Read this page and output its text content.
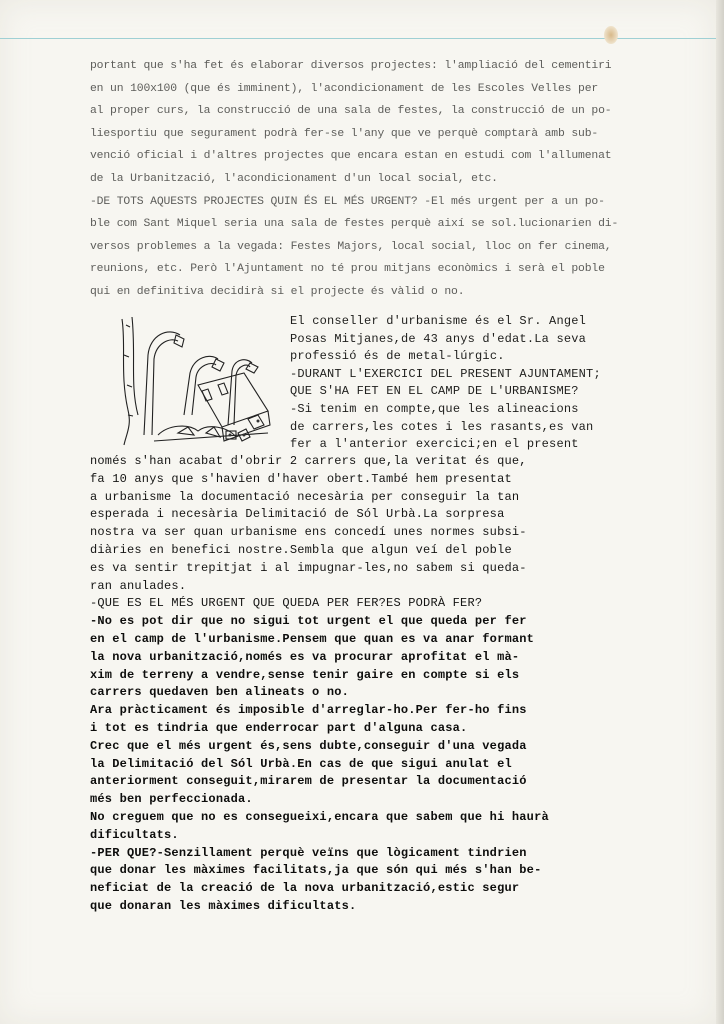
portant que s'ha fet és elaborar diversos projectes: l'ampliació del cementiri
en un 100x100 (que és imminent), l'acondicionament de les Escoles Velles per
al proper curs, la construcció de una sala de festes, la construcció de un po-
liesportiu que segurament podrà fer-se l'any que ve perquè comptarà amb sub-
venció oficial i d'altres projectes que encara estan en estudi com l'allumenat
de la Urbanització, l'acondicionament d'un local social, etc.
-DE TOTS AQUESTS PROJECTES QUIN ÉS EL MÉS URGENT? -El més urgent per a un po-
ble com Sant Miquel seria una sala de festes perquè així se sol.lucionarien di-
versos problemes a la vegada: Festes Majors, local social, lloc on fer cinema,
reunions, etc. Però l'Ajuntament no té prou mitjans econòmics i serà el poble
qui en definitiva decidirà si el projecte és vàlid o no.
El conseller d'urbanisme és el Sr. Angel
Posas Mitjanes,de 43 anys d'edat.La seva
professió és de metal-lúrgic.
-DURANT L'EXERCICI DEL PRESENT AJUNTAMENT;
QUE S'HA FET EN EL CAMP DE L'URBANISME?
-Si tenim en compte,que les alineacions
de carrers,les cotes i les rasants,es van
fer a l'anterior exercici;en el present
només s'han acabat d'obrir 2 carrers que,la veritat és que,
fa 10 anys que s'havien d'haver obert.També hem presentat
a urbanisme la documentació necesària per conseguir la tan
esperada i necesària Delimitació de Sól Urbà.La sorpresa
nostra va ser quan urbanisme ens concedí unes normes subsi-
diàries en benefici nostre.Sembla que algun veí del poble
es va sentir trepitjat i al impugnar-les,no sabem si queda-
ran anulades.
-QUE ES EL MÉS URGENT QUE QUEDA PER FER?ES PODRÀ FER?
-No es pot dir que no sigui tot urgent el que queda per fer
en el camp de l'urbanisme.Pensem que quan es va anar formant
la nova urbanització,només es va procurar aprofitat el mà-
xim de terreny a vendre,sense tenir gaire en compte si els
carrers quedaven ben alineats o no.
Ara pràcticament és imposible d'arreglar-ho.Per fer-ho fins
i tot es tindria que enderrocar part d'alguna casa.
Crec que el més urgent és,sens dubte,conseguir d'una vegada
la Delimitació del Sól Urbà.En cas de que sigui anulat el
anteriorment conseguit,mirarem de presentar la documentació
més ben perfeccionada.
No creguem que no es consegueixi,encara que sabem que hi haurà
dificultats.
-PER QUE?-Senzillament perquè veïns que lògicament tindrien
que donar les màximes facilitats,ja que són qui més s'han be-
neficiat de la creació de la nova urbanització,estic segur
que donaran les màximes dificultats.
